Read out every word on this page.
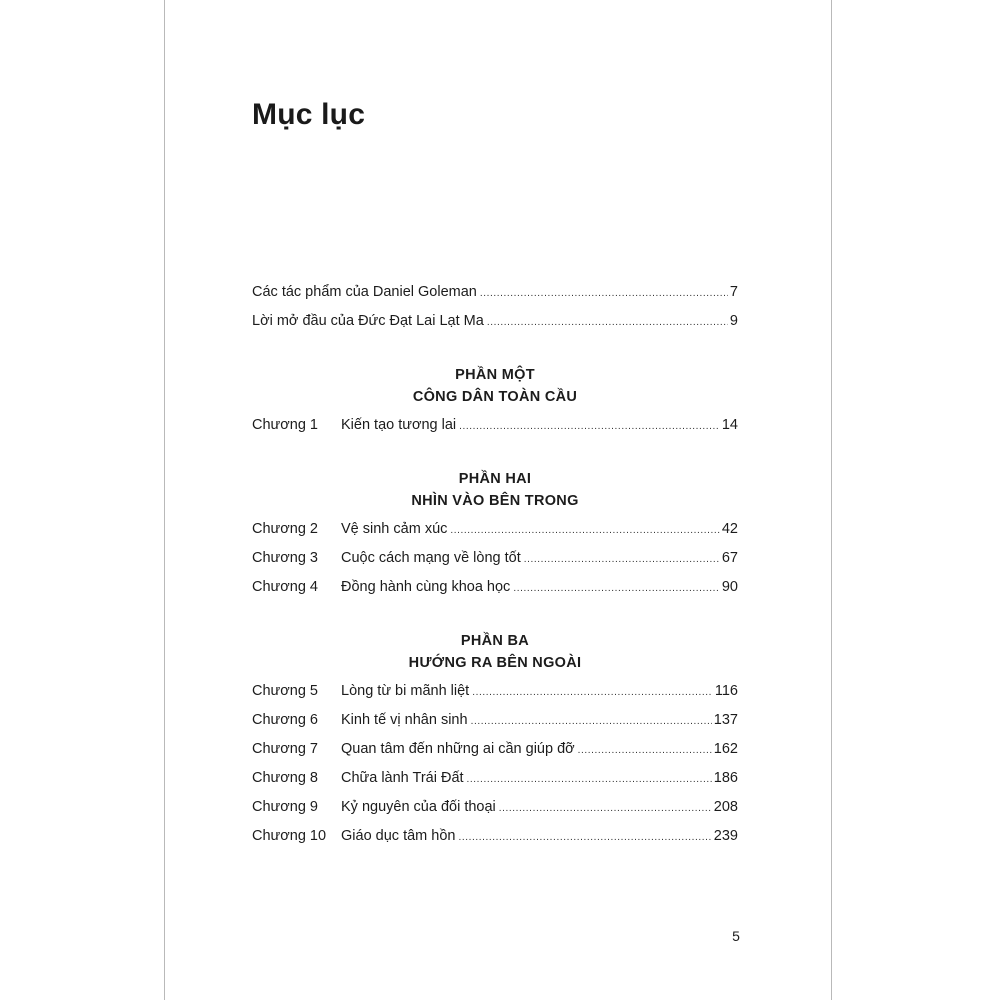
Mục lục
Các tác phẩm của Daniel Goleman .....	7
Lời mở đầu của Đức Đạt Lai Lạt Ma .....	9
PHẦN MỘT
CÔNG DÂN TOÀN CẦU
Chương 1	Kiến tạo tương lai .....	14
PHẦN HAI
NHÌN VÀO BÊN TRONG
Chương 2	Vệ sinh cảm xúc .....	42
Chương 3	Cuộc cách mạng về lòng tốt .....	67
Chương 4	Đồng hành cùng khoa học .....	90
PHẦN BA
HƯỚNG RA BÊN NGOÀI
Chương 5	Lòng từ bi mãnh liệt .....	116
Chương 6	Kinh tế vị nhân sinh .....	137
Chương 7	Quan tâm đến những ai cần giúp đỡ .....	162
Chương 8	Chữa lành Trái Đất .....	186
Chương 9	Kỷ nguyên của đối thoại .....	208
Chương 10	Giáo dục tâm hồn .....	239
5
